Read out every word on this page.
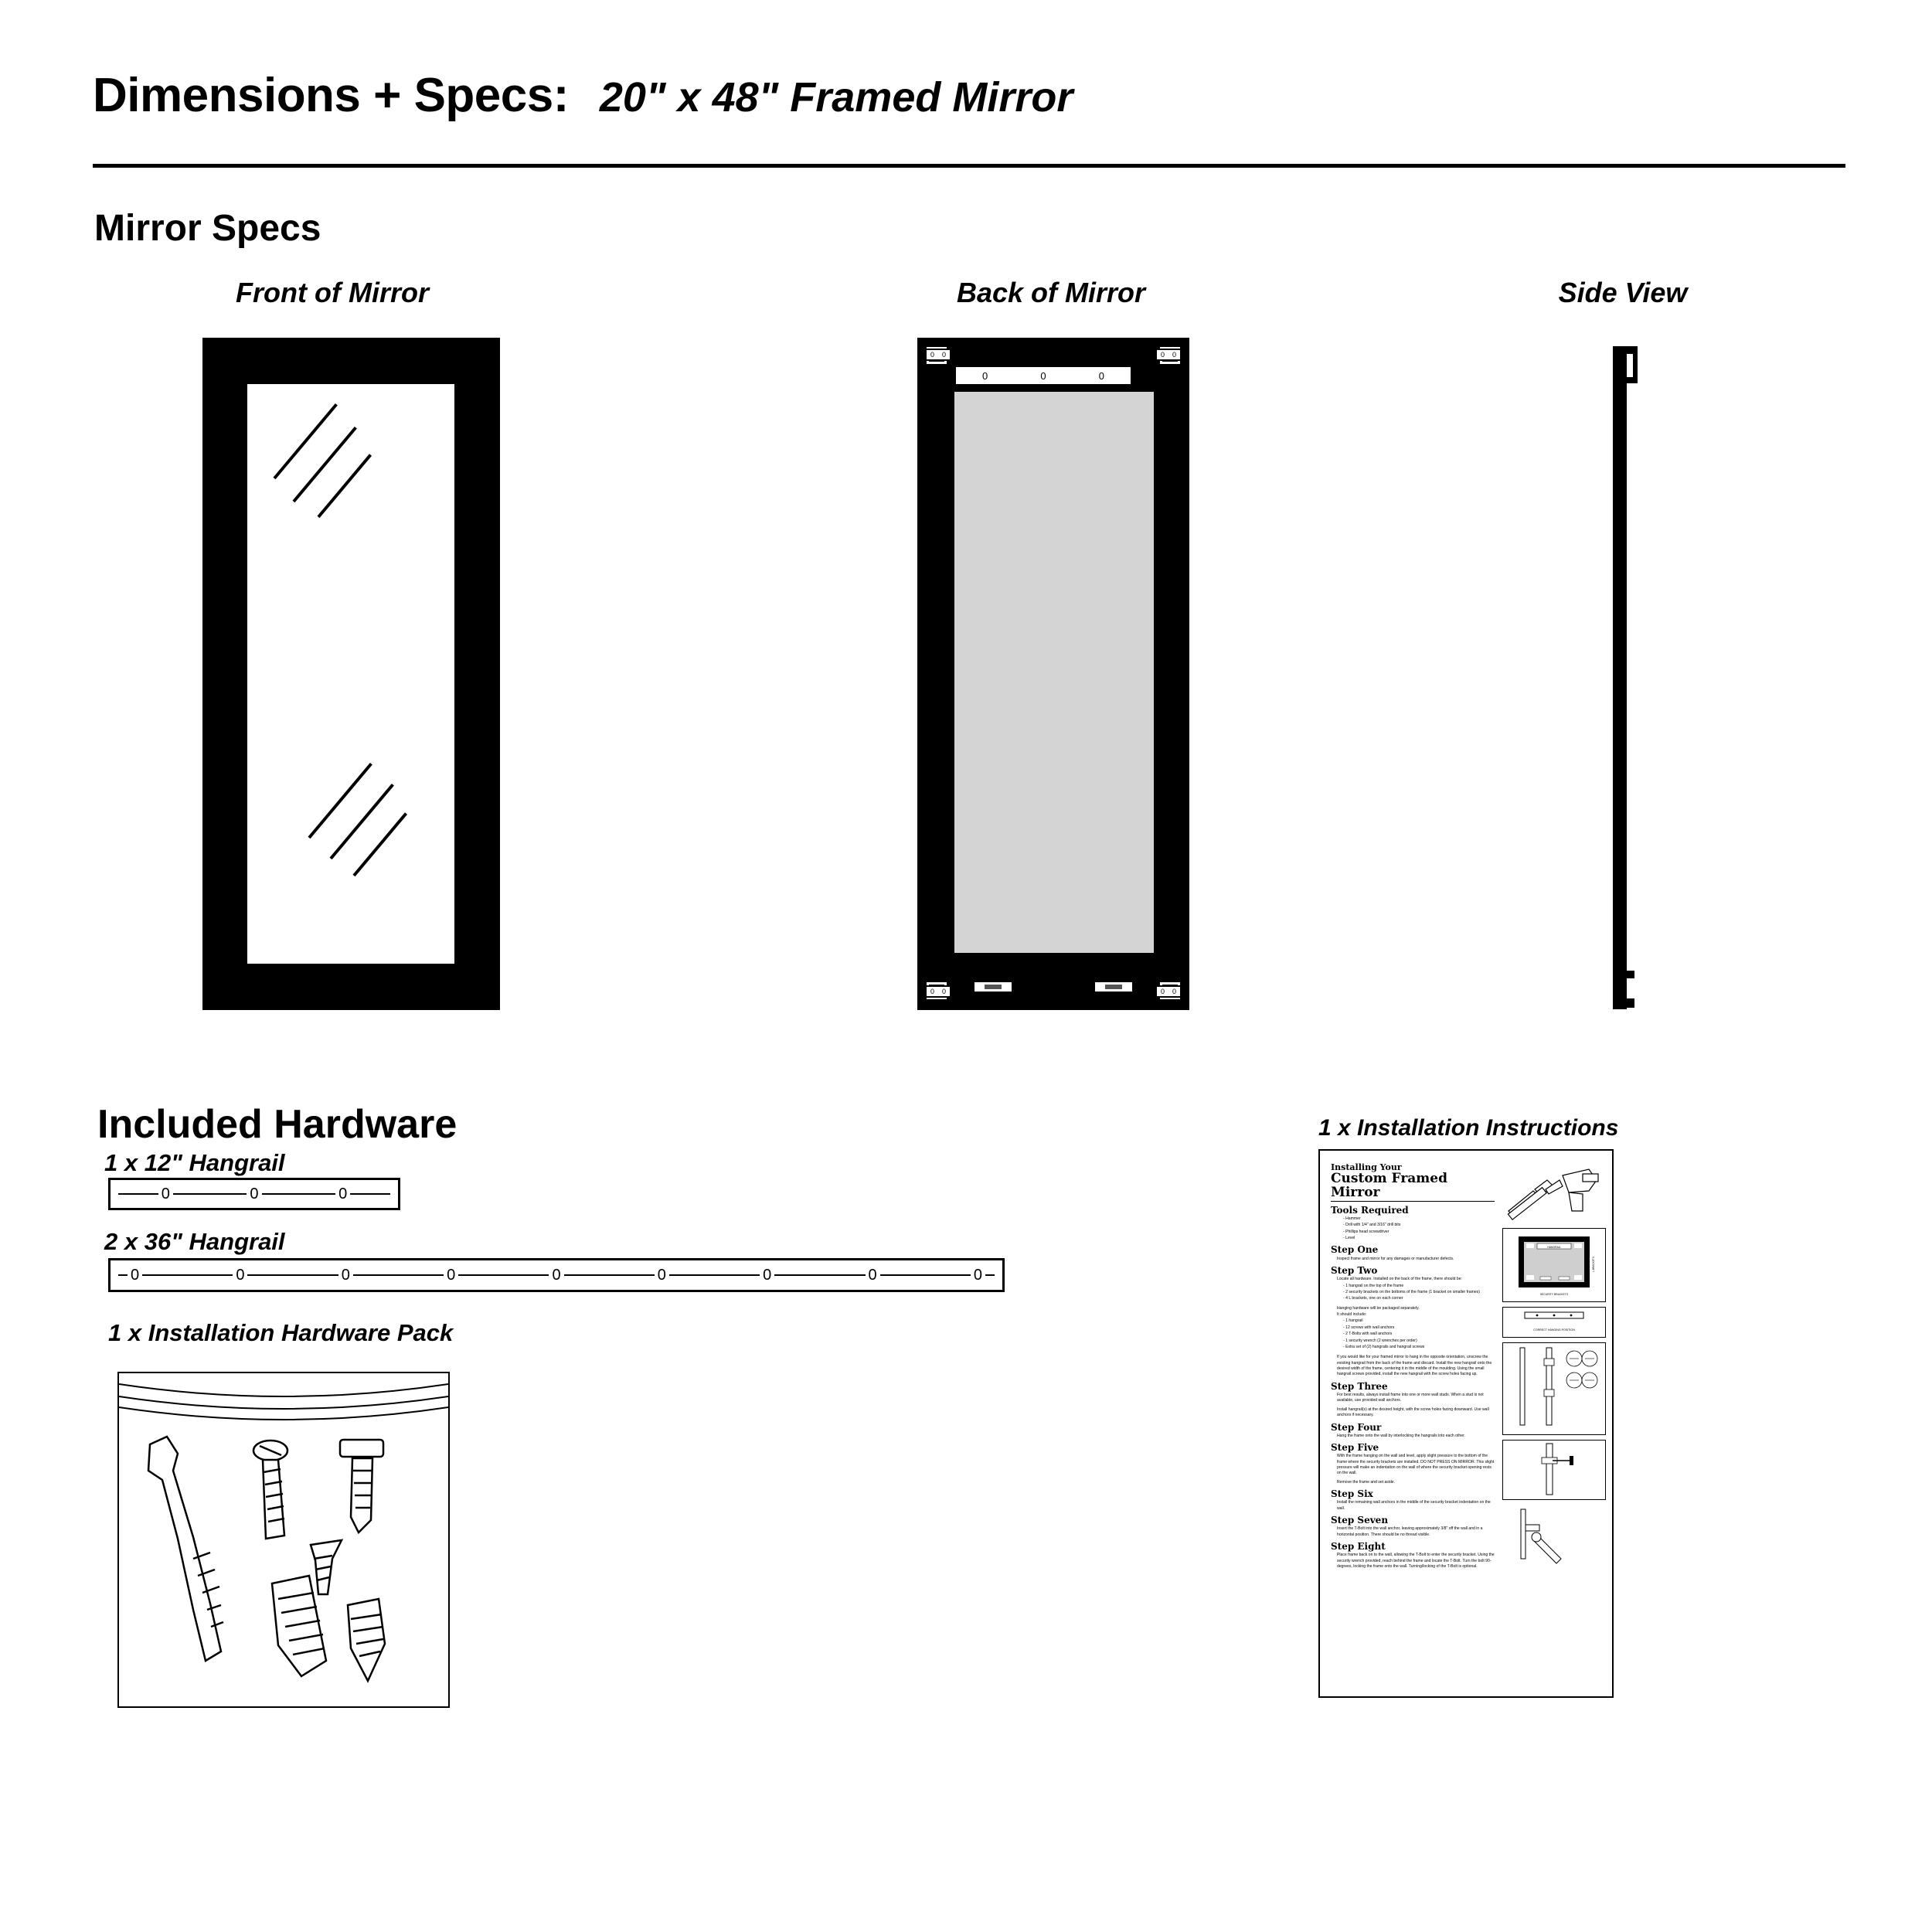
Dimensions + Specs: 20" x 48" Framed Mirror
Mirror Specs
Front of Mirror	Back of Mirror	Side View
0	0	0
0 0	0 0
0 0	0 0
Included Hardware
1 x 12" Hangrail
0	0	0
2 x 36" Hangrail
0	0	0	0	0	0	0	0	0
1 x Installation Hardware Pack
1 x Installation Instructions
Installing Your
Custom Framed Mirror
Tools Required
- Hammer
- Drill with 1/4" and 3/16" drill bits
- Phillips head screwdriver
- Level
Step One
Inspect frame and mirror for any damages or manufacturer defects.
Step Two
Locate all hardware. Installed on the back of the frame, there should be:
- 1 hangrail on the top of the frame
- 2 security brackets on the bottoms of the frame (1 bracket on smaller frames)
- 4 L brackets, one on each corner
Hanging hardware will be packaged separately.
It should include:
- 1 hangrail
- 12 screws with wall anchors
- 2 T-Bolts with wall anchors
- 1 security wrench (2 wrenches per order)
- Extra set of (2) hangrails and hangrail screws
If you would like for your framed mirror to hang in the opposite orientation, unscrew the existing hangrail from the back of the frame and discard. Install the new hangrail onto the desired width of the frame, centering it in the middle of the moulding. Using the small hangrail screws provided, install the new hangrail with the screw holes facing up.
Step Three
For best results, always install frame into one or more wall studs. When a stud is not available, use provided wall anchors.
Install hangrail(s) at the desired height, with the screw holes facing downward. Use wall anchors if necessary.
Step Four
Hang the frame onto the wall by interlocking the hangrails into each other.
Step Five
With the frame hanging on the wall and level, apply slight pressure to the bottom of the frame where the security brackets are installed. DO NOT PRESS ON MIRROR. This slight pressure will make an indentation on the wall of where the security bracket opening rests on the wall.
Remove the frame and set aside.
Step Six
Install the remaining wall anchors in the middle of the security bracket indentation on the wall.
Step Seven
Insert the T-Bolt into the wall anchor, leaving approximately 3/8" off the wall and in a horizontal position. There should be no thread visible.
Step Eight
Place frame back on to the wall, allowing the T-Bolt to enter the security bracket. Using the security wrench provided, reach behind the frame and locate the T-Bolt. Turn the bolt 90-degrees, locking the frame onto the wall. Turning/locking of the T-Bolt is optional.
HANGRAIL
L-BRACKETS
SECURITY BRACKETS
CORRECT HANGING POSITION
